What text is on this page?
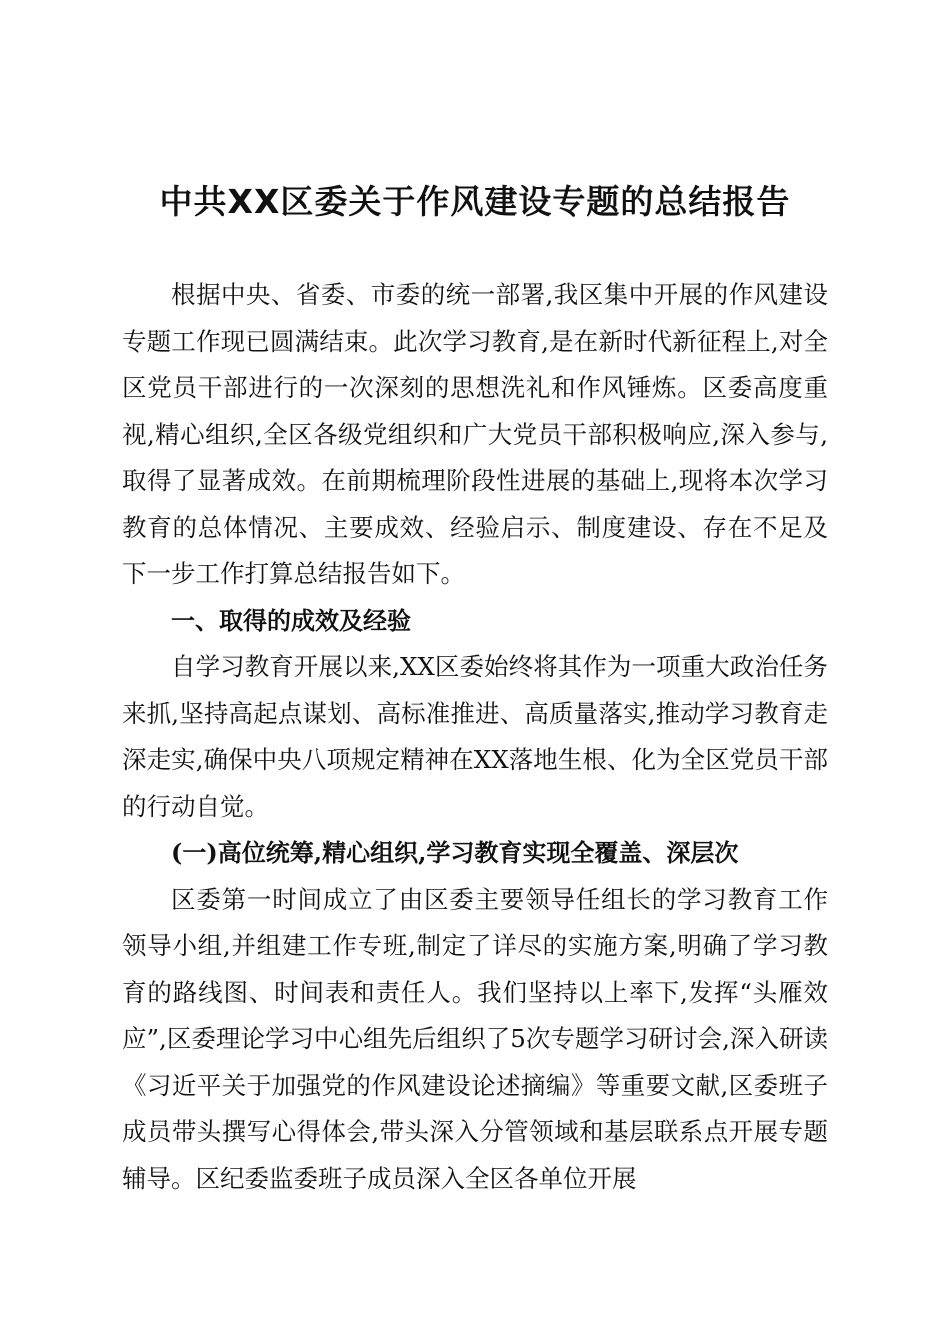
中共XX区委关于作风建设专题的总结报告

根据中央、省委、市委的统一部署,我区集中开展的作风建设专题工作现已圆满结束。此次学习教育,是在新时代新征程上,对全区党员干部进行的一次深刻的思想洗礼和作风锤炼。区委高度重视,精心组织,全区各级党组织和广大党员干部积极响应,深入参与,取得了显著成效。在前期梳理阶段性进展的基础上,现将本次学习教育的总体情况、主要成效、经验启示、制度建设、存在不足及下一步工作打算总结报告如下。

一、取得的成效及经验

自学习教育开展以来,XX区委始终将其作为一项重大政治任务来抓,坚持高起点谋划、高标准推进、高质量落实,推动学习教育走深走实,确保中央八项规定精神在XX落地生根、化为全区党员干部的行动自觉。

(一)高位统筹,精心组织,学习教育实现全覆盖、深层次

区委第一时间成立了由区委主要领导任组长的学习教育工作领导小组,并组建工作专班,制定了详尽的实施方案,明确了学习教育的路线图、时间表和责任人。我们坚持以上率下,发挥“头雁效应”,区委理论学习中心组先后组织了5次专题学习研讨会,深入研读《习近平关于加强党的作风建设论述摘编》等重要文献,区委班子成员带头撰写心得体会,带头深入分管领域和基层联系点开展专题辅导。区纪委监委班子成员深入全区各单位开展
